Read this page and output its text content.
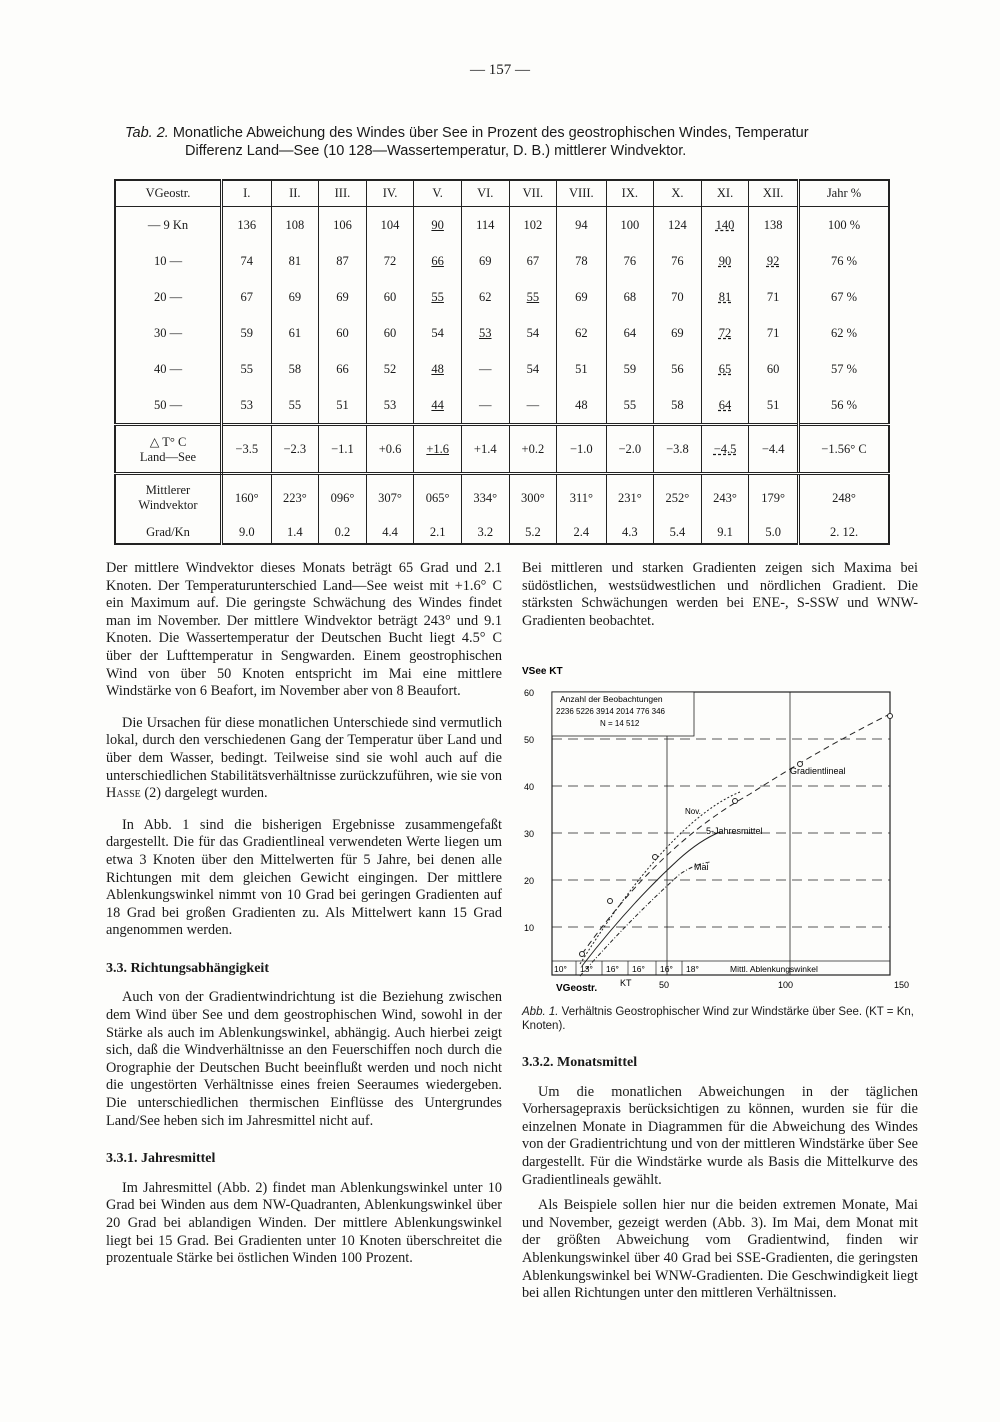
— 157 —
Tab. 2. Monatliche Abweichung des Windes über See in Prozent des geostrophischen Windes, Temperatur
Differenz Land—See (10 128—Wassertemperatur, D. B.) mittlerer Windvektor.
VGeostr.	I.	II.	III.	IV.	V.	VI.	VII.	VIII.	IX.	X.	XI.	XII.	Jahr %
— 9 Kn	136	108	106	104	90	114	102	94	100	124	140	138	100 %
10 —	74	81	87	72	66	69	67	78	76	76	90	92	76 %
20 —	67	69	69	60	55	62	55	69	68	70	81	71	67 %
30 —	59	61	60	60	54	53	54	62	64	69	72	71	62 %
40 —	55	58	66	52	48	—	54	51	59	56	65	60	57 %
50 —	53	55	51	53	44	—	—	48	55	58	64	51	56 %
△ T° C
Land—See	−3.5	−2.3	−1.1	+0.6	+1.6	+1.4	+0.2	−1.0	−2.0	−3.8	−4.5	−4.4	−1.56° C
Mittlerer
Windvektor	160°	223°	096°	307°	065°	334°	300°	311°	231°	252°	243°	179°	248°
Grad/Kn	9.0	1.4	0.2	4.4	2.1	3.2	5.2	2.4	4.3	5.4	9.1	5.0	2. 12.

Der mittlere Windvektor dieses Monats beträgt 65 Grad und 2.1 Knoten. Der Temperaturunterschied Land—See weist mit +1.6° C ein Maximum auf. Die geringste Schwächung des Windes findet man im November. Der mittlere Windvektor beträgt 243° und 9.1 Knoten. Die Wassertemperatur der Deutschen Bucht liegt 4.5° C über der Lufttemperatur in Sengwarden. Einem geostrophischen Wind von über 50 Knoten entspricht im Mai eine mittlere Windstärke von 6 Beafort, im November aber von 8 Beaufort.

Die Ursachen für diese monatlichen Unterschiede sind vermutlich lokal, durch den verschiedenen Gang der Temperatur über Land und über dem Wasser, bedingt. Teilweise sind sie wohl auch auf die unterschiedlichen Stabilitätsverhältnisse zurückzuführen, wie sie von Hasse (2) dargelegt wurden.

In Abb. 1 sind die bisherigen Ergebnisse zusammengefaßt dargestellt. Die für das Gradientlineal verwendeten Werte liegen um etwa 3 Knoten über den Mittelwerten für 5 Jahre, bei denen alle Richtungen mit dem gleichen Gewicht eingingen. Der mittlere Ablenkungswinkel nimmt von 10 Grad bei geringen Gradienten auf 18 Grad bei großen Gradienten zu. Als Mittelwert kann 15 Grad angenommen werden.

3.3. Richtungsabhängigkeit

Auch von der Gradientwindrichtung ist die Beziehung zwischen dem Wind über See und dem geostrophischen Wind, sowohl in der Stärke als auch im Ablenkungswinkel, abhängig. Auch hierbei zeigt sich, daß die Windverhältnisse an den Feuerschiffen noch durch die Orographie der Deutschen Bucht beeinflußt werden und noch nicht die ungestörten Verhältnisse eines freien Seeraumes wiedergeben. Die unterschiedlichen thermischen Einflüsse des Untergrundes Land/See heben sich im Jahresmittel nicht auf.

3.3.1. Jahresmittel

Im Jahresmittel (Abb. 2) findet man Ablenkungswinkel unter 10 Grad bei Winden aus dem NW-Quadranten, Ablenkungswinkel über 20 Grad bei ablandigen Winden. Der mittlere Ablenkungswinkel liegt bei 15 Grad. Bei Gradienten unter 10 Knoten überschreitet die prozentuale Stärke bei östlichen Winden 100 Prozent.

Bei mittleren und starken Gradienten zeigen sich Maxima bei südöstlichen, westsüdwestlichen und nördlichen Gradient. Die stärksten Schwächungen werden bei ENE-, S-SSW und WNW-Gradienten beobachtet.

VSee KT
60
50
40
30
20
10
Anzahl der Beobachtungen
2236 5226 3914 2014 776 346
N = 14 512
Gradientlineal
Nov.
5-Jahresmittel
Mai
10° 13° 16° 16° 16° 18°	Mittl. Ablenkungswinkel
VGeostr.	KT	50	100	150
Abb. 1. Verhältnis Geostrophischer Wind zur Windstärke über See. (KT = Kn, Knoten).
3.3.2. Monatsmittel

Um die monatlichen Abweichungen in der täglichen Vorhersagepraxis berücksichtigen zu können, wurden sie für die einzelnen Monate in Diagrammen für die Abweichung des Windes von der Gradientrichtung und von der mittleren Windstärke über See dargestellt. Für die Windstärke wurde als Basis die Mittelkurve des Gradientlineals gewählt.

Als Beispiele sollen hier nur die beiden extremen Monate, Mai und November, gezeigt werden (Abb. 3). Im Mai, dem Monat mit der größten Abweichung vom Gradientwind, finden wir Ablenkungswinkel über 40 Grad bei SSE-Gradienten, die geringsten Ablenkungswinkel bei WNW-Gradienten. Die Geschwindigkeit liegt bei allen Richtungen unter den mittleren Verhältnissen.
